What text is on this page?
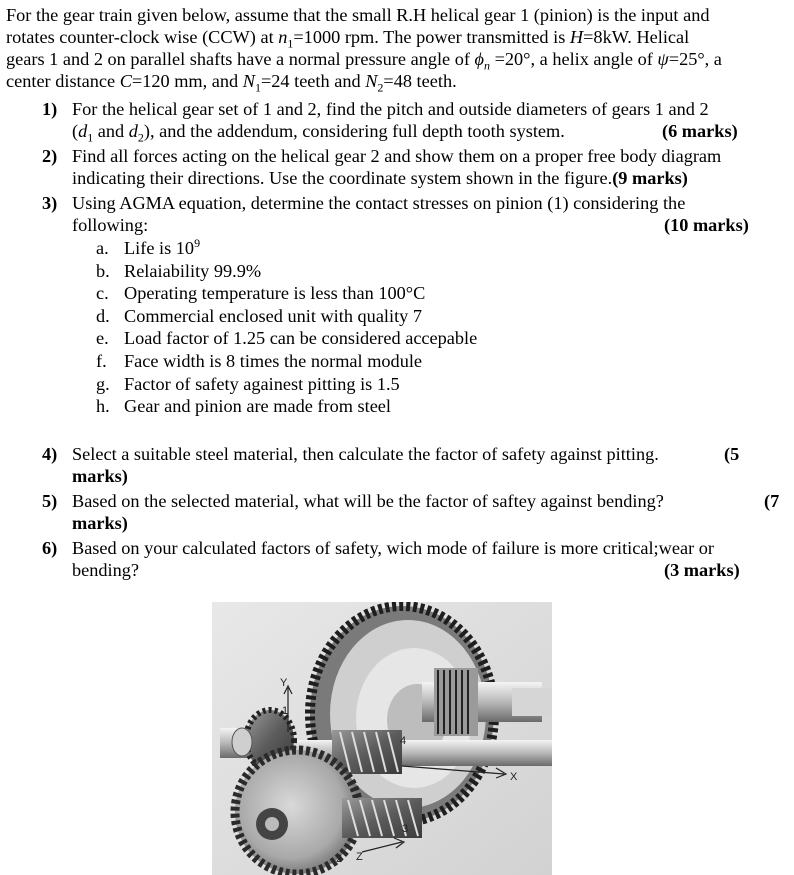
For the gear train given below, assume that the small R.H helical gear 1 (pinion) is the input and
rotates counter-clock wise (CCW) at $n_1=1000$ rpm. The power transmitted is H=8kW. Helical
gears 1 and 2 on parallel shafts have a normal pressure angle of $\phi_n =20^\circ$, a helix angle of ψ=25°, a
center distance C=120 mm, and $N_1=24$ teeth and $N_2=48$ teeth.
1) For the helical gear set of 1 and 2, find the pitch and outside diameters of gears 1 and 2
($d_1$ and $d_2$), and the addendum, considering full depth tooth system.	(6 marks)
2) Find all forces acting on the helical gear 2 and show them on a proper free body diagram
indicating their directions. Use the coordinate system shown in the figure.(9 marks)
3) Using AGMA equation, determine the contact stresses on pinion (1) considering the
following:	(10 marks)
a. Life is $10^9$
b. Relaiability 99.9%
c. Operating temperature is less than 100°C
d. Commercial enclosed unit with quality 7
e. Load factor of 1.25 can be considered accepable
f. Face width is 8 times the normal module
g. Factor of safety againest pitting is 1.5
h. Gear and pinion are made from steel
4) Select a suitable steel material, then calculate the factor of safety against pitting.	(5
marks)
5) Based on the selected material, what will be the factor of saftey against bending?	(7
marks)
6) Based on your calculated factors of safety, wich mode of failure is more critical;wear or
bending?	(3 marks)
Y
X
Z
1
2
3
4
